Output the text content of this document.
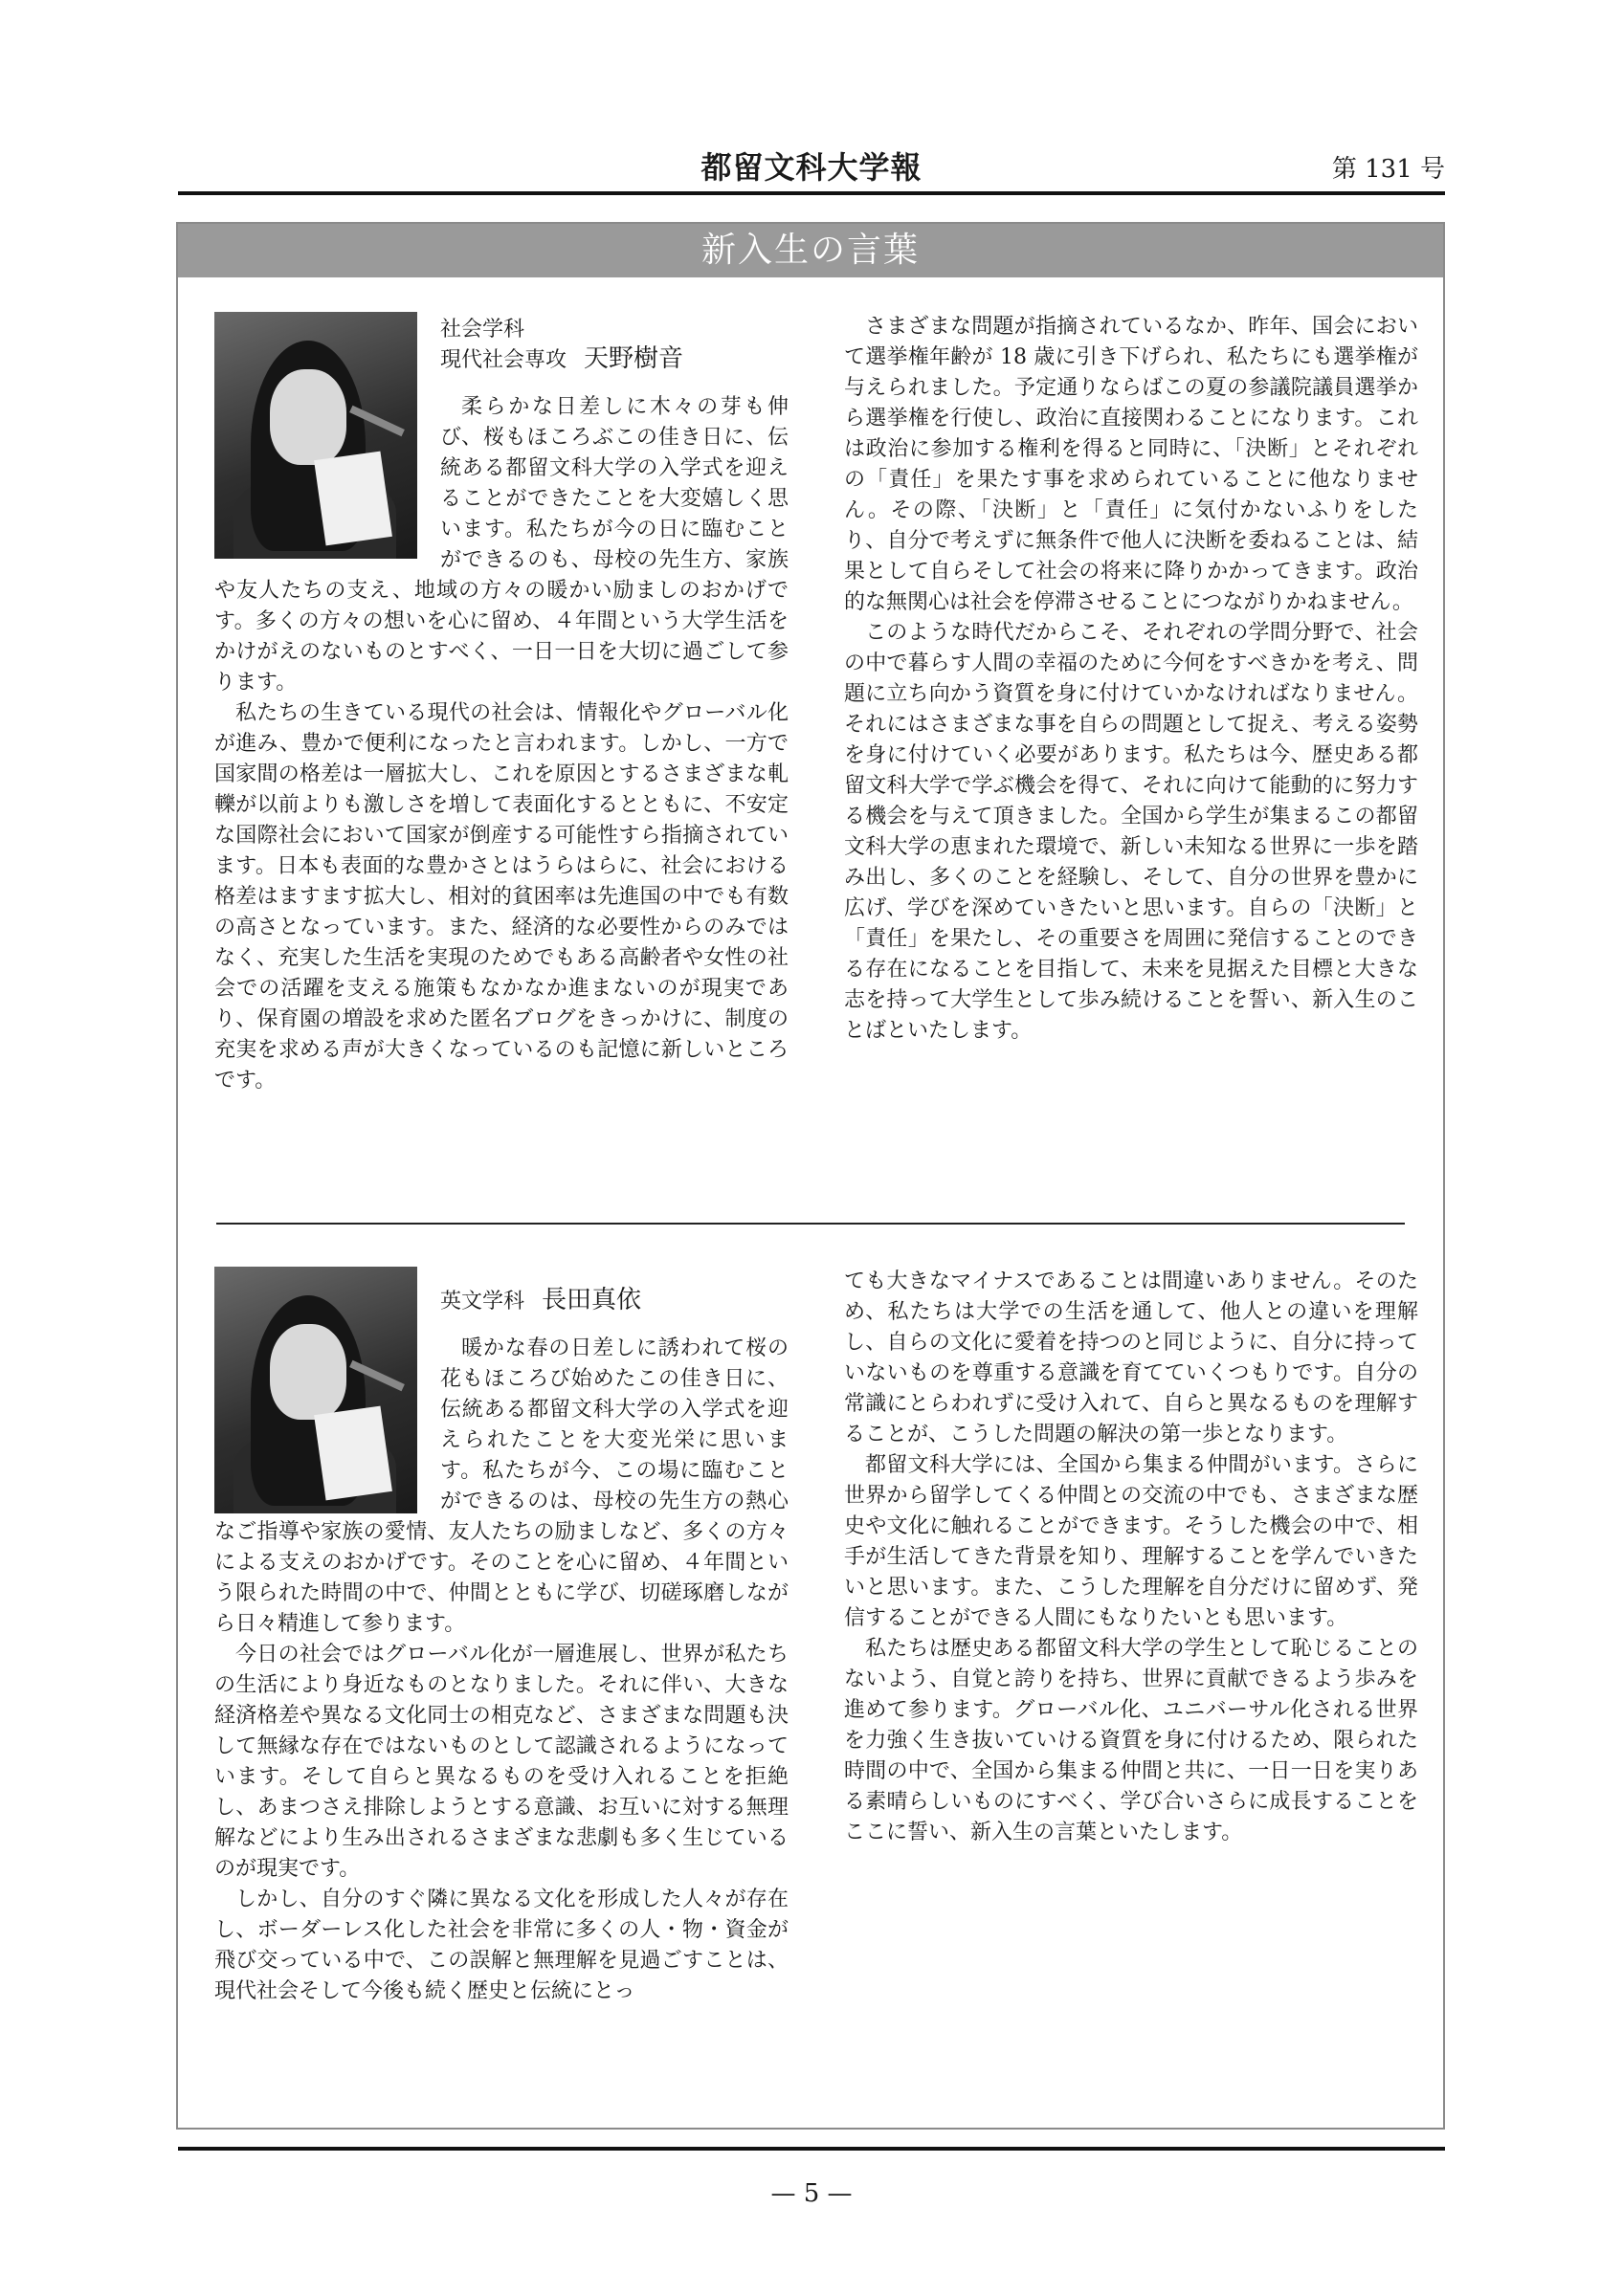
都留文科大学報	第 131 号
新入生の言葉
社会学科
現代社会専攻 天野樹音

柔らかな日差しに木々の芽も伸び、桜もほころぶこの佳き日に、伝統ある都留文科大学の入学式を迎えることができたことを大変嬉しく思います。私たちが今の日に臨むことができるのも、母校の先生方、家族や友人たちの支え、地域の方々の暖かい励ましのおかげです。多くの方々の想いを心に留め、４年間という大学生活をかけがえのないものとすべく、一日一日を大切に過ごして参ります。

私たちの生きている現代の社会は、情報化やグローバル化が進み、豊かで便利になったと言われます。しかし、一方で国家間の格差は一層拡大し、これを原因とするさまざまな軋轢が以前よりも激しさを増して表面化するとともに、不安定な国際社会において国家が倒産する可能性すら指摘されています。日本も表面的な豊かさとはうらはらに、社会における格差はますます拡大し、相対的貧困率は先進国の中でも有数の高さとなっています。また、経済的な必要性からのみではなく、充実した生活を実現のためでもある高齢者や女性の社会での活躍を支える施策もなかなか進まないのが現実であり、保育園の増設を求めた匿名ブログをきっかけに、制度の充実を求める声が大きくなっているのも記憶に新しいところです。

さまざまな問題が指摘されているなか、昨年、国会において選挙権年齢が 18 歳に引き下げられ、私たちにも選挙権が与えられました。予定通りならばこの夏の参議院議員選挙から選挙権を行使し、政治に直接関わることになります。これは政治に参加する権利を得ると同時に、「決断」とそれぞれの「責任」を果たす事を求められていることに他なりません。その際、「決断」と「責任」に気付かないふりをしたり、自分で考えずに無条件で他人に決断を委ねることは、結果として自らそして社会の将来に降りかかってきます。政治的な無関心は社会を停滞させることにつながりかねません。

このような時代だからこそ、それぞれの学問分野で、社会の中で暮らす人間の幸福のために今何をすべきかを考え、問題に立ち向かう資質を身に付けていかなければなりません。それにはさまざまな事を自らの問題として捉え、考える姿勢を身に付けていく必要があります。私たちは今、歴史ある都留文科大学で学ぶ機会を得て、それに向けて能動的に努力する機会を与えて頂きました。全国から学生が集まるこの都留文科大学の恵まれた環境で、新しい未知なる世界に一歩を踏み出し、多くのことを経験し、そして、自分の世界を豊かに広げ、学びを深めていきたいと思います。自らの「決断」と「責任」を果たし、その重要さを周囲に発信することのできる存在になることを目指して、未来を見据えた目標と大きな志を持って大学生として歩み続けることを誓い、新入生のことばといたします。

英文学科 長田真依

暖かな春の日差しに誘われて桜の花もほころび始めたこの佳き日に、伝統ある都留文科大学の入学式を迎えられたことを大変光栄に思います。私たちが今、この場に臨むことができるのは、母校の先生方の熱心なご指導や家族の愛情、友人たちの励ましなど、多くの方々による支えのおかげです。そのことを心に留め、４年間という限られた時間の中で、仲間とともに学び、切磋琢磨しながら日々精進して参ります。

今日の社会ではグローバル化が一層進展し、世界が私たちの生活により身近なものとなりました。それに伴い、大きな経済格差や異なる文化同士の相克など、さまざまな問題も決して無縁な存在ではないものとして認識されるようになっています。そして自らと異なるものを受け入れることを拒絶し、あまつさえ排除しようとする意識、お互いに対する無理解などにより生み出されるさまざまな悲劇も多く生じているのが現実です。

しかし、自分のすぐ隣に異なる文化を形成した人々が存在し、ボーダーレス化した社会を非常に多くの人・物・資金が飛び交っている中で、この誤解と無理解を見過ごすことは、現代社会そして今後も続く歴史と伝統にとっ

ても大きなマイナスであることは間違いありません。そのため、私たちは大学での生活を通して、他人との違いを理解し、自らの文化に愛着を持つのと同じように、自分に持っていないものを尊重する意識を育てていくつもりです。自分の常識にとらわれずに受け入れて、自らと異なるものを理解することが、こうした問題の解決の第一歩となります。

都留文科大学には、全国から集まる仲間がいます。さらに世界から留学してくる仲間との交流の中でも、さまざまな歴史や文化に触れることができます。そうした機会の中で、相手が生活してきた背景を知り、理解することを学んでいきたいと思います。また、こうした理解を自分だけに留めず、発信することができる人間にもなりたいとも思います。

私たちは歴史ある都留文科大学の学生として恥じることのないよう、自覚と誇りを持ち、世界に貢献できるよう歩みを進めて参ります。グローバル化、ユニバーサル化される世界を力強く生き抜いていける資質を身に付けるため、限られた時間の中で、全国から集まる仲間と共に、一日一日を実りある素晴らしいものにすべく、学び合いさらに成長することをここに誓い、新入生の言葉といたします。

— 5 —
